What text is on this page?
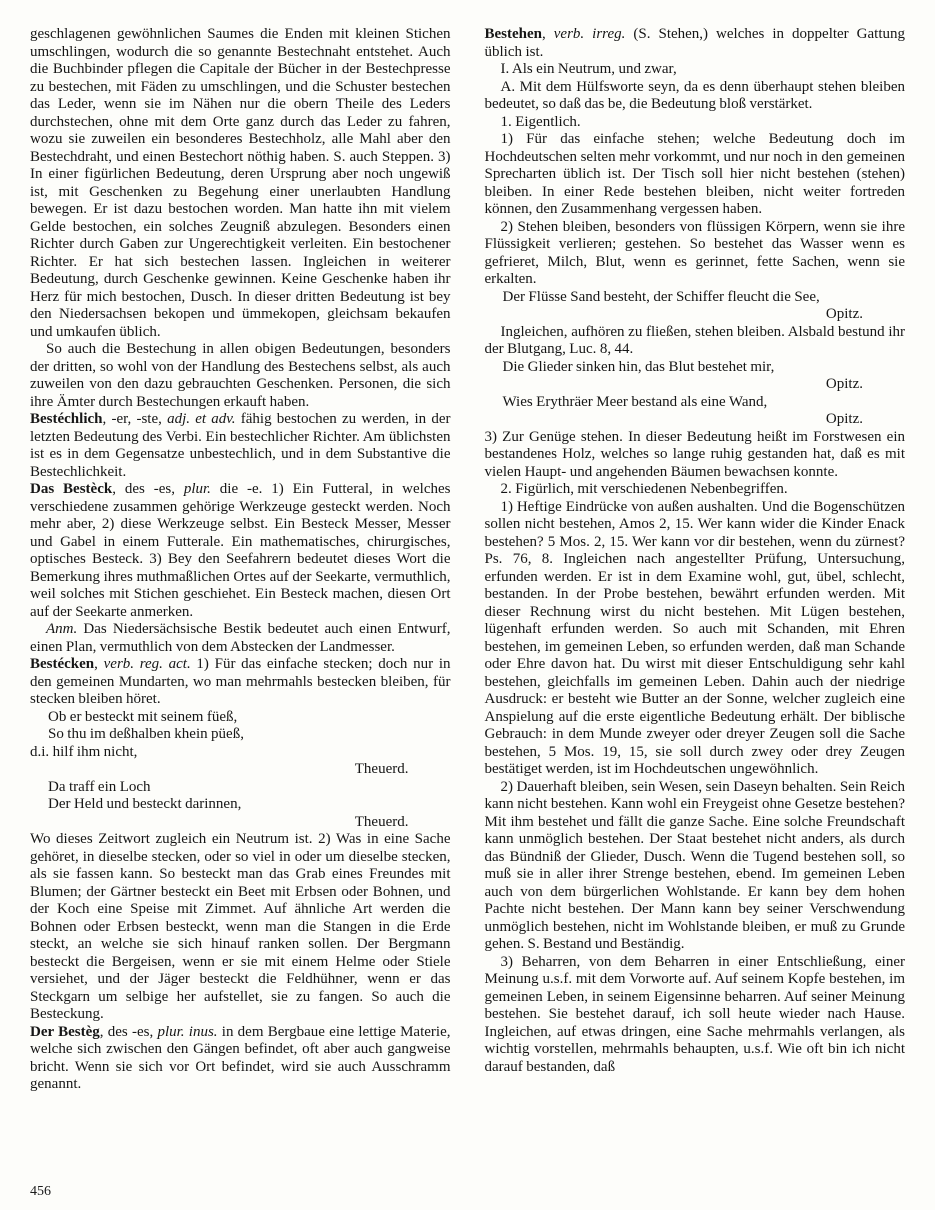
geschlagenen gewöhnlichen Saumes die Enden mit kleinen Stichen umschlingen, wodurch die so genannte Bestechnaht entstehet. Auch die Buchbinder pflegen die Capitale der Bücher in der Bestechpresse zu bestechen, mit Fäden zu umschlingen, und die Schuster bestechen das Leder, wenn sie im Nähen nur die obern Theile des Leders durchstechen, ohne mit dem Orte ganz durch das Leder zu fahren, wozu sie zuweilen ein besonderes Bestechholz, alle Mahl aber den Bestechdraht, und einen Bestechort nöthig haben. S. auch Steppen. 3) In einer figürlichen Bedeutung, deren Ursprung aber noch ungewiß ist, mit Geschenken zu Begehung einer unerlaubten Handlung bewegen. Er ist dazu bestochen worden. Man hatte ihn mit vielem Gelde bestochen, ein solches Zeugniß abzulegen. Besonders einen Richter durch Gaben zur Ungerechtigkeit verleiten. Ein bestochener Richter. Er hat sich bestechen lassen. Ingleichen in weiterer Bedeutung, durch Geschenke gewinnen. Keine Geschenke haben ihr Herz für mich bestochen, Dusch. In dieser dritten Bedeutung ist bey den Niedersachsen bekopen und ümmekopen, gleichsam bekaufen und umkaufen üblich.

So auch die Bestechung in allen obigen Bedeutungen, besonders der dritten, so wohl von der Handlung des Bestechens selbst, als auch zuweilen von den dazu gebrauchten Geschenken. Personen, die sich ihre Ämter durch Bestechungen erkauft haben.

Bestéchlich, -er, -ste, adj. et adv. fähig bestochen zu werden, in der letzten Bedeutung des Verbi. Ein bestechlicher Richter. Am üblichsten ist es in dem Gegensatze unbestechlich, und in dem Substantive die Bestechlichkeit.

Das Bestèck, des -es, plur. die -e. 1) Ein Futteral, in welches verschiedene zusammen gehörige Werkzeuge gesteckt werden. Noch mehr aber, 2) diese Werkzeuge selbst. Ein Besteck Messer, Messer und Gabel in einem Futterale. Ein mathematisches, chirurgisches, optisches Besteck. 3) Bey den Seefahrern bedeutet dieses Wort die Bemerkung ihres muthmaßlichen Ortes auf der Seekarte, vermuthlich, weil solches mit Stichen geschiehet. Ein Besteck machen, diesen Ort auf der Seekarte anmerken.

Anm. Das Niedersächsische Bestik bedeutet auch einen Entwurf, einen Plan, vermuthlich von dem Abstecken der Landmesser.

Bestécken, verb. reg. act. 1) Für das einfache stecken; doch nur in den gemeinen Mundarten, wo man mehrmahls bestecken bleiben, für stecken bleiben höret.

Ob er besteckt mit seinem füeß,

So thu im deßhalben khein püeß,

d.i. hilf ihm nicht,

Theuerd.

Da traff ein Loch

Der Held und besteckt darinnen,

Theuerd.

Wo dieses Zeitwort zugleich ein Neutrum ist. 2) Was in eine Sache gehöret, in dieselbe stecken, oder so viel in oder um dieselbe stecken, als sie fassen kann. So besteckt man das Grab eines Freundes mit Blumen; der Gärtner besteckt ein Beet mit Erbsen oder Bohnen, und der Koch eine Speise mit Zimmet. Auf ähnliche Art werden die Bohnen oder Erbsen besteckt, wenn man die Stangen in die Erde steckt, an welche sie sich hinauf ranken sollen. Der Bergmann besteckt die Bergeisen, wenn er sie mit einem Helme oder Stiele versiehet, und der Jäger besteckt die Feldhühner, wenn er das Steckgarn um selbige her aufstellet, sie zu fangen. So auch die Besteckung.

Der Bestèg, des -es, plur. inus. in dem Bergbaue eine lettige Materie, welche sich zwischen den Gängen befindet, oft aber auch gangweise bricht. Wenn sie sich vor Ort befindet, wird sie auch Ausschramm genannt.

Bestehen, verb. irreg. (S. Stehen,) welches in doppelter Gattung üblich ist.

I. Als ein Neutrum, und zwar,

A. Mit dem Hülfsworte seyn, da es denn überhaupt stehen bleiben bedeutet, so daß das be, die Bedeutung bloß verstärket.

1. Eigentlich.

1) Für das einfache stehen; welche Bedeutung doch im Hochdeutschen selten mehr vorkommt, und nur noch in den gemeinen Sprecharten üblich ist. Der Tisch soll hier nicht bestehen (stehen) bleiben. In einer Rede bestehen bleiben, nicht weiter fortreden können, den Zusammenhang vergessen haben.

2) Stehen bleiben, besonders von flüssigen Körpern, wenn sie ihre Flüssigkeit verlieren; gestehen. So bestehet das Wasser wenn es gefrieret, Milch, Blut, wenn es gerinnet, fette Sachen, wenn sie erkalten.

Der Flüsse Sand besteht, der Schiffer fleucht die See,

Opitz.

Ingleichen, aufhören zu fließen, stehen bleiben. Alsbald bestund ihr der Blutgang, Luc. 8, 44.

Die Glieder sinken hin, das Blut bestehet mir,

Opitz.

Wies Erythräer Meer bestand als eine Wand,

Opitz.

3) Zur Genüge stehen. In dieser Bedeutung heißt im Forstwesen ein bestandenes Holz, welches so lange ruhig gestanden hat, daß es mit vielen Haupt- und angehenden Bäumen bewachsen konnte.

2. Figürlich, mit verschiedenen Nebenbegriffen.

1) Heftige Eindrücke von außen aushalten. Und die Bogenschützen sollen nicht bestehen, Amos 2, 15. Wer kann wider die Kinder Enack bestehen? 5 Mos. 2, 15. Wer kann vor dir bestehen, wenn du zürnest? Ps. 76, 8. Ingleichen nach angestellter Prüfung, Untersuchung, erfunden werden. Er ist in dem Examine wohl, gut, übel, schlecht, bestanden. In der Probe bestehen, bewährt erfunden werden. Mit dieser Rechnung wirst du nicht bestehen. Mit Lügen bestehen, lügenhaft erfunden werden. So auch mit Schanden, mit Ehren bestehen, im gemeinen Leben, so erfunden werden, daß man Schande oder Ehre davon hat. Du wirst mit dieser Entschuldigung sehr kahl bestehen, gleichfalls im gemeinen Leben. Dahin auch der niedrige Ausdruck: er besteht wie Butter an der Sonne, welcher zugleich eine Anspielung auf die erste eigentliche Bedeutung erhält. Der biblische Gebrauch: in dem Munde zweyer oder dreyer Zeugen soll die Sache bestehen, 5 Mos. 19, 15, sie soll durch zwey oder drey Zeugen bestätiget werden, ist im Hochdeutschen ungewöhnlich.

2) Dauerhaft bleiben, sein Wesen, sein Daseyn behalten. Sein Reich kann nicht bestehen. Kann wohl ein Freygeist ohne Gesetze bestehen? Mit ihm bestehet und fällt die ganze Sache. Eine solche Freundschaft kann unmöglich bestehen. Der Staat bestehet nicht anders, als durch das Bündniß der Glieder, Dusch. Wenn die Tugend bestehen soll, so muß sie in aller ihrer Strenge bestehen, ebend. Im gemeinen Leben auch von dem bürgerlichen Wohlstande. Er kann bey dem hohen Pachte nicht bestehen. Der Mann kann bey seiner Verschwendung unmöglich bestehen, nicht im Wohlstande bleiben, er muß zu Grunde gehen. S. Bestand und Beständig.

3) Beharren, von dem Beharren in einer Entschließung, einer Meinung u.s.f. mit dem Vorworte auf. Auf seinem Kopfe bestehen, im gemeinen Leben, in seinem Eigensinne beharren. Auf seiner Meinung bestehen. Sie bestehet darauf, ich soll heute wieder nach Hause. Ingleichen, auf etwas dringen, eine Sache mehrmahls verlangen, als wichtig vorstellen, mehrmahls behaupten, u.s.f. Wie oft bin ich nicht darauf bestanden, daß

456
